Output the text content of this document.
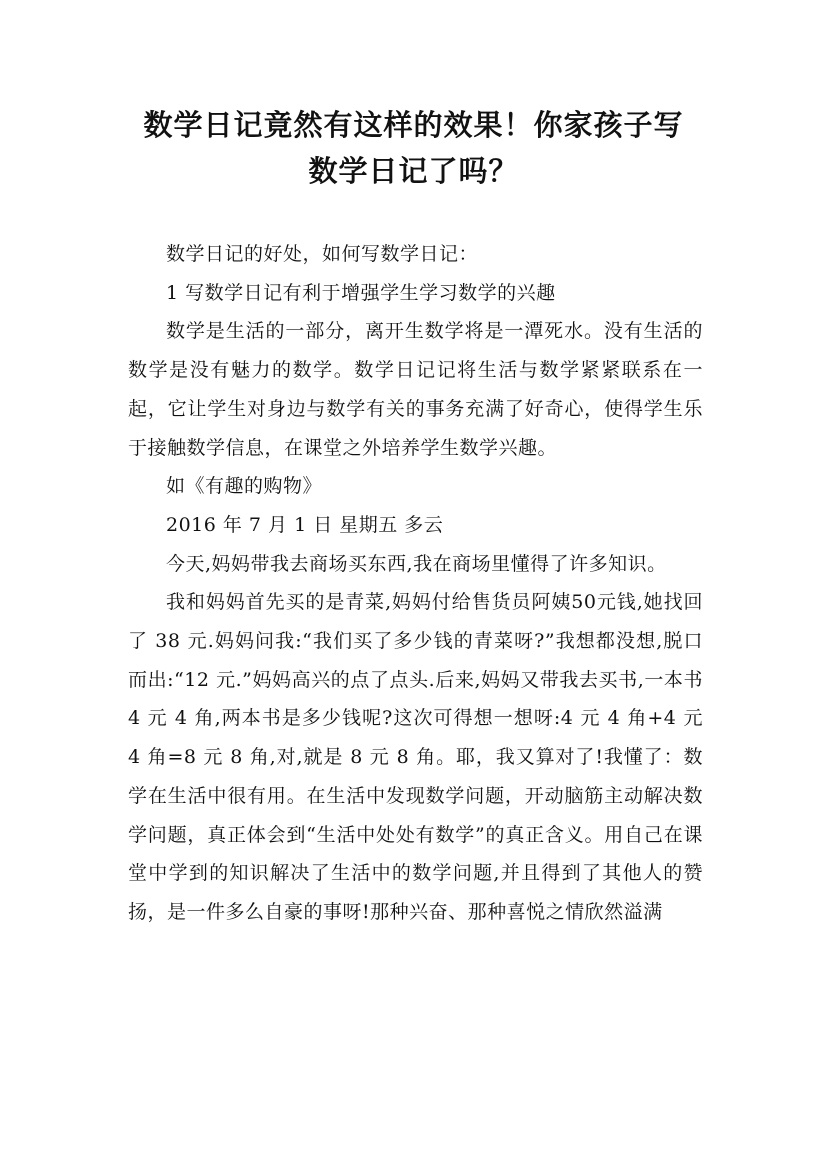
数学日记竟然有这样的效果！你家孩子写
数学日记了吗？

数学日记的好处，如何写数学日记：

1 写数学日记有利于增强学生学习数学的兴趣

数学是生活的一部分，离开生数学将是一潭死水。没有生活的数学是没有魅力的数学。数学日记记将生活与数学紧紧联系在一起，它让学生对身边与数学有关的事务充满了好奇心，使得学生乐于接触数学信息，在课堂之外培养学生数学兴趣。

如《有趣的购物》

2016 年 7 月 1 日 星期五 多云

今天,妈妈带我去商场买东西,我在商场里懂得了许多知识。

我和妈妈首先买的是青菜,妈妈付给售货员阿姨50元钱,她找回了 38 元.妈妈问我:“我们买了多少钱的青菜呀?”我想都没想,脱口而出:“12 元.”妈妈高兴的点了点头.后来,妈妈又带我去买书,一本书 4 元 4 角,两本书是多少钱呢?这次可得想一想呀:4 元 4 角+4 元 4 角=8 元 8 角,对,就是 8 元 8 角。耶，我又算对了!我懂了：数学在生活中很有用。在生活中发现数学问题，开动脑筋主动解决数学问题，真正体会到“生活中处处有数学”的真正含义。用自己在课堂中学到的知识解决了生活中的数学问题,并且得到了其他人的赞扬，是一件多么自豪的事呀!那种兴奋、那种喜悦之情欣然溢满
